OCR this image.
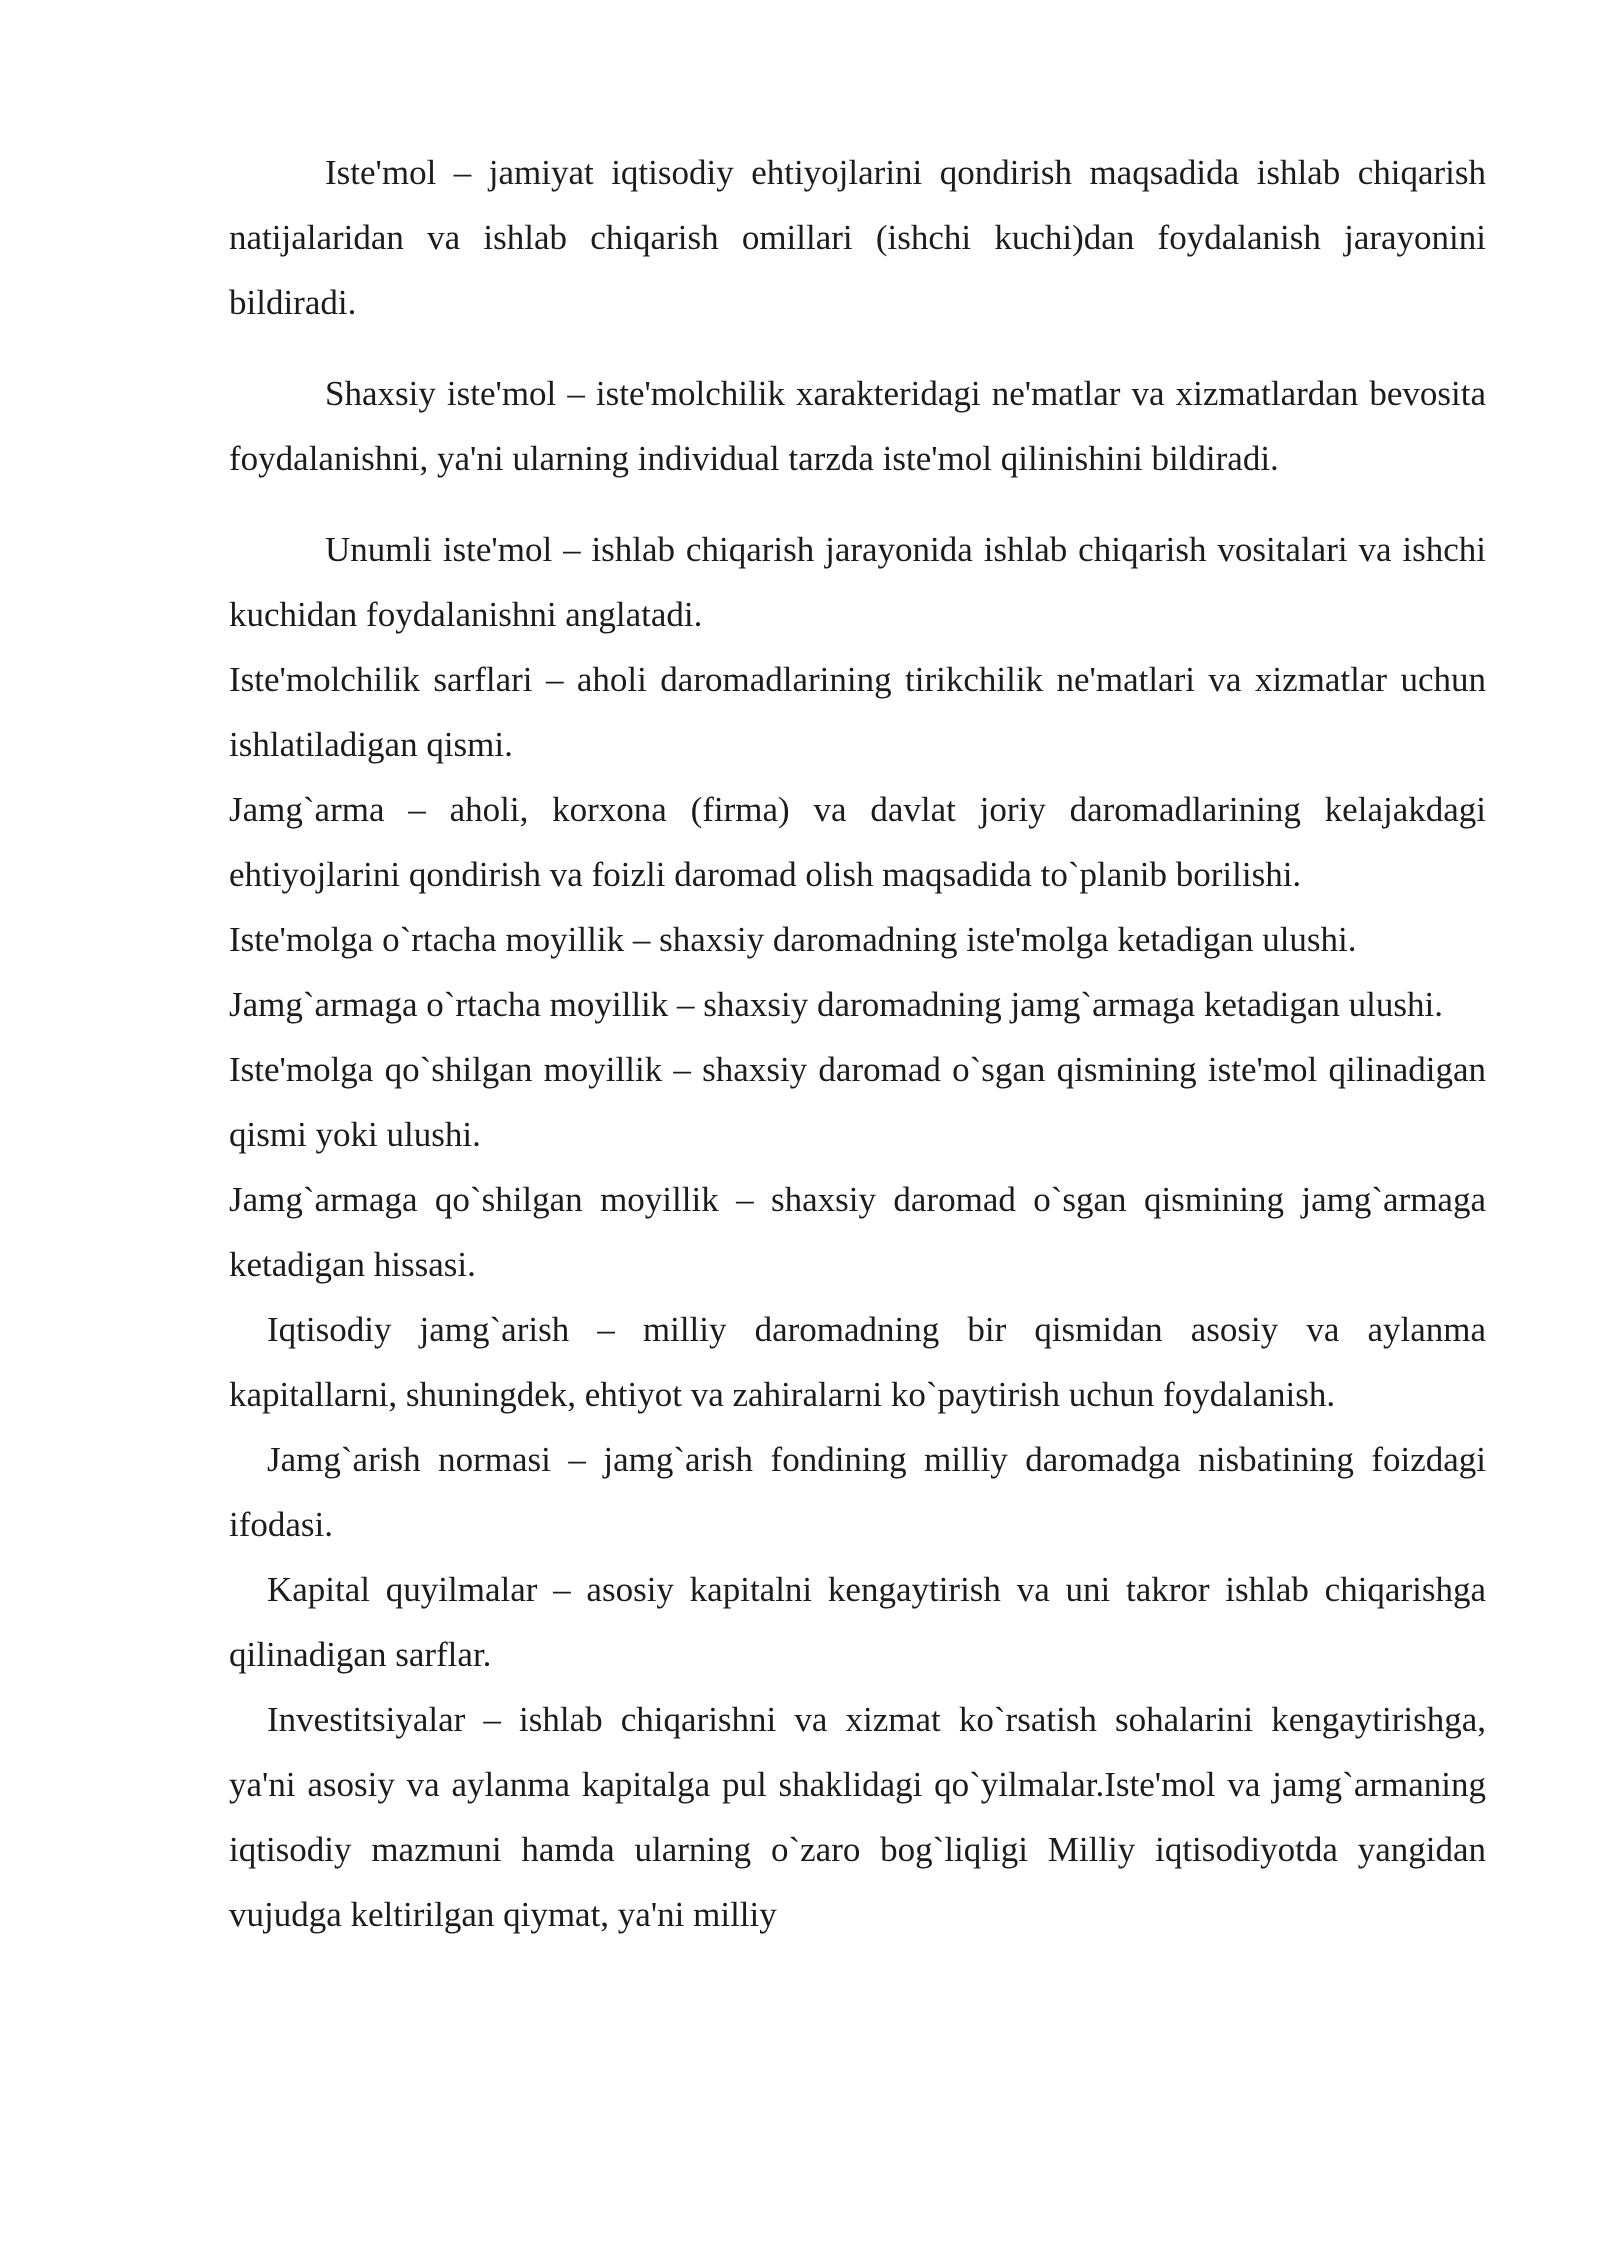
Iste'mol – jamiyat iqtisodiy ehtiyojlarini qondirish maqsadida ishlab chiqarish natijalaridan va ishlab chiqarish omillari (ishchi kuchi)dan foydalanish jarayonini bildiradi.

Shaxsiy iste'mol – iste'molchilik xarakteridagi ne'matlar va xizmatlardan bevosita foydalanishni, ya'ni ularning individual tarzda iste'mol qilinishini bildiradi.

Unumli iste'mol – ishlab chiqarish jarayonida ishlab chiqarish vositalari va ishchi kuchidan foydalanishni anglatadi.

Iste'molchilik sarflari – aholi daromadlarining tirikchilik ne'matlari va xizmatlar uchun ishlatiladigan qismi.

Jamg`arma – aholi, korxona (firma) va davlat joriy daromadlarining kelajakdagi ehtiyojlarini qondirish va foizli daromad olish maqsadida to`planib borilishi.

Iste'molga o`rtacha moyillik – shaxsiy daromadning iste'molga ketadigan ulushi.

Jamg`armaga o`rtacha moyillik – shaxsiy daromadning jamg`armaga ketadigan ulushi.

Iste'molga qo`shilgan moyillik – shaxsiy daromad o`sgan qismining iste'mol qilinadigan qismi yoki ulushi.

Jamg`armaga qo`shilgan moyillik – shaxsiy daromad o`sgan qismining jamg`armaga ketadigan hissasi.

Iqtisodiy jamg`arish – milliy daromadning bir qismidan asosiy va aylanma kapitallarni, shuningdek, ehtiyot va zahiralarni ko`paytirish uchun foydalanish.

Jamg`arish normasi – jamg`arish fondining milliy daromadga nisbatining foizdagi ifodasi.

Kapital quyilmalar – asosiy kapitalni kengaytirish va uni takror ishlab chiqarishga qilinadigan sarflar.

Investitsiyalar – ishlab chiqarishni va xizmat ko`rsatish sohalarini kengaytirishga, ya'ni asosiy va aylanma kapitalga pul shaklidagi qo`yilmalar.Iste'mol va jamg`armaning iqtisodiy mazmuni hamda ularning o`zaro bog`liqligi Milliy iqtisodiyotda yangidan vujudga keltirilgan qiymat, ya'ni milliy
